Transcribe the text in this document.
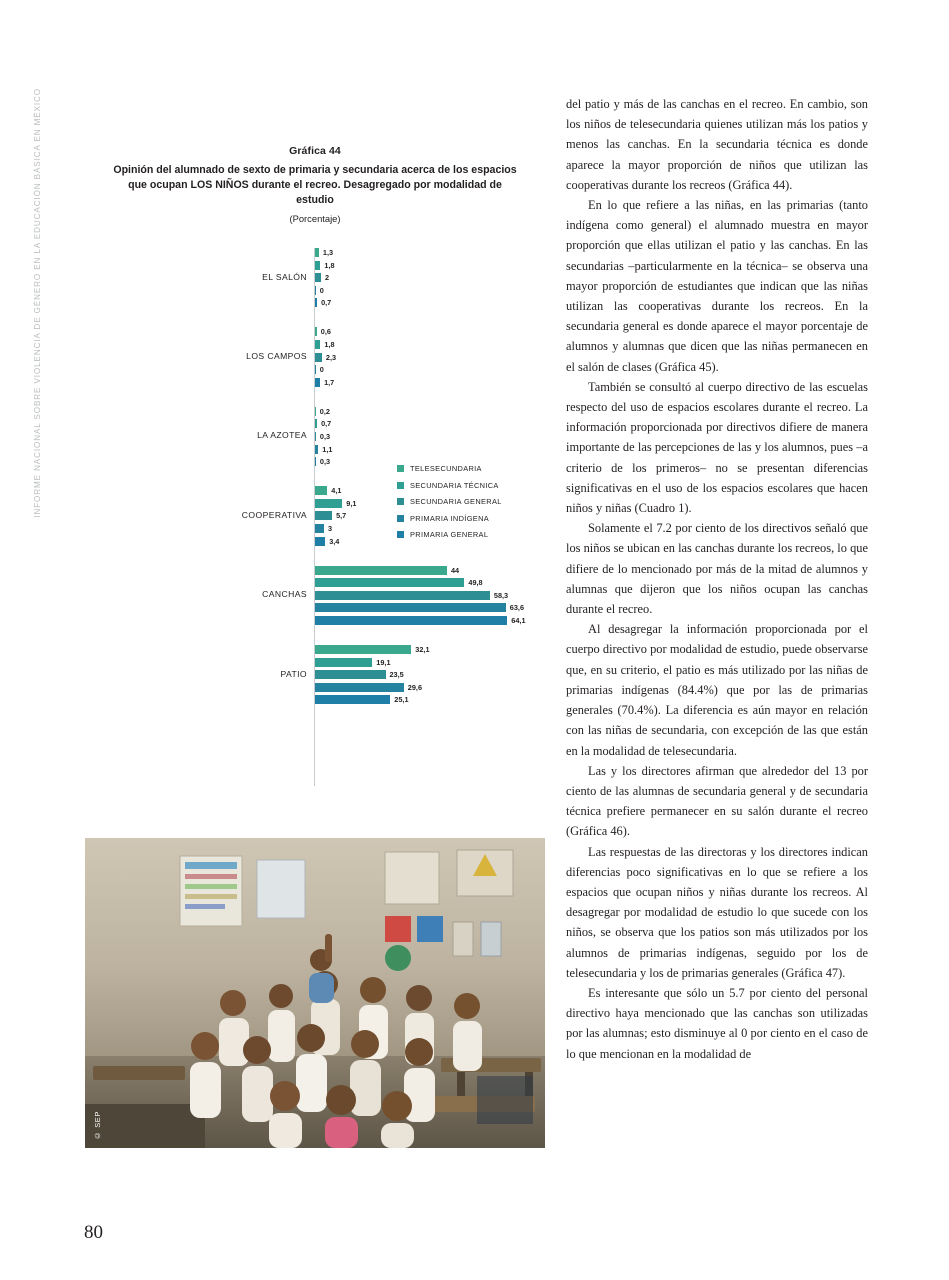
INFORME NACIONAL SOBRE VIOLENCIA DE GÉNERO EN LA EDUCACIÓN BÁSICA EN MÉXICO
80
Gráfica 44
Opinión del alumnado de sexto de primaria y secundaria acerca de los espacios que ocupan LOS NIÑOS durante el recreo. Desagregado por modalidad de estudio
(Porcentaje)
TELESECUNDARIA
SECUNDARIA TÉCNICA
SECUNDARIA GENERAL
PRIMARIA INDÍGENA
PRIMARIA GENERAL
EL SALÓN
1,3
1,8
2
0
0,7
LOS CAMPOS
0,6
1,8
2,3
0
1,7
LA AZOTEA
0,2
0,7
0,3
1,1
0,3
COOPERATIVA
4,1
9,1
5,7
3
3,4
CANCHAS
44
49,8
58,3
63,6
64,1
PATIO
32,1
19,1
23,5
29,6
25,1
© SEP

del patio y más de las canchas en el recreo. En cambio, son los niños de telesecundaria quienes utilizan más los patios y menos las canchas. En la secundaria técnica es donde aparece la mayor proporción de niños que utilizan las cooperativas durante los recreos (Gráfica 44).

En lo que refiere a las niñas, en las primarias (tanto indígena como general) el alumnado muestra en mayor proporción que ellas utilizan el patio y las canchas. En las secundarias –particularmente en la técnica– se observa una mayor proporción de estudiantes que indican que las niñas utilizan las cooperativas durante los recreos. En la secundaria general es donde aparece el mayor porcentaje de alumnos y alumnas que dicen que las niñas permanecen en el salón de clases (Gráfica 45).

También se consultó al cuerpo directivo de las escuelas respecto del uso de espacios escolares durante el recreo. La información proporcionada por directivos difiere de manera importante de las percepciones de las y los alumnos, pues –a criterio de los primeros– no se presentan diferencias significativas en el uso de los espacios escolares que hacen niños y niñas (Cuadro 1).

Solamente el 7.2 por ciento de los directivos señaló que los niños se ubican en las canchas durante los recreos, lo que difiere de lo mencionado por más de la mitad de alumnos y alumnas que dijeron que los niños ocupan las canchas durante el recreo.

Al desagregar la información proporcionada por el cuerpo directivo por modalidad de estudio, puede observarse que, en su criterio, el patio es más utilizado por las niñas de primarias indígenas (84.4%) que por las de primarias generales (70.4%). La diferencia es aún mayor en relación con las niñas de secundaria, con excepción de las que están en la modalidad de telesecundaria.

Las y los directores afirman que alrededor del 13 por ciento de las alumnas de secundaria general y de secundaria técnica prefiere permanecer en su salón durante el recreo (Gráfica 46).

Las respuestas de las directoras y los directores indican diferencias poco significativas en lo que se refiere a los espacios que ocupan niños y niñas durante los recreos. Al desagregar por modalidad de estudio lo que sucede con los niños, se observa que los patios son más utilizados por los alumnos de primarias indígenas, seguido por los de telesecundaria y los de primarias generales (Gráfica 47).

Es interesante que sólo un 5.7 por ciento del personal directivo haya mencionado que las canchas son utilizadas por las alumnas; esto disminuye al 0 por ciento en el caso de lo que mencionan en la modalidad de
